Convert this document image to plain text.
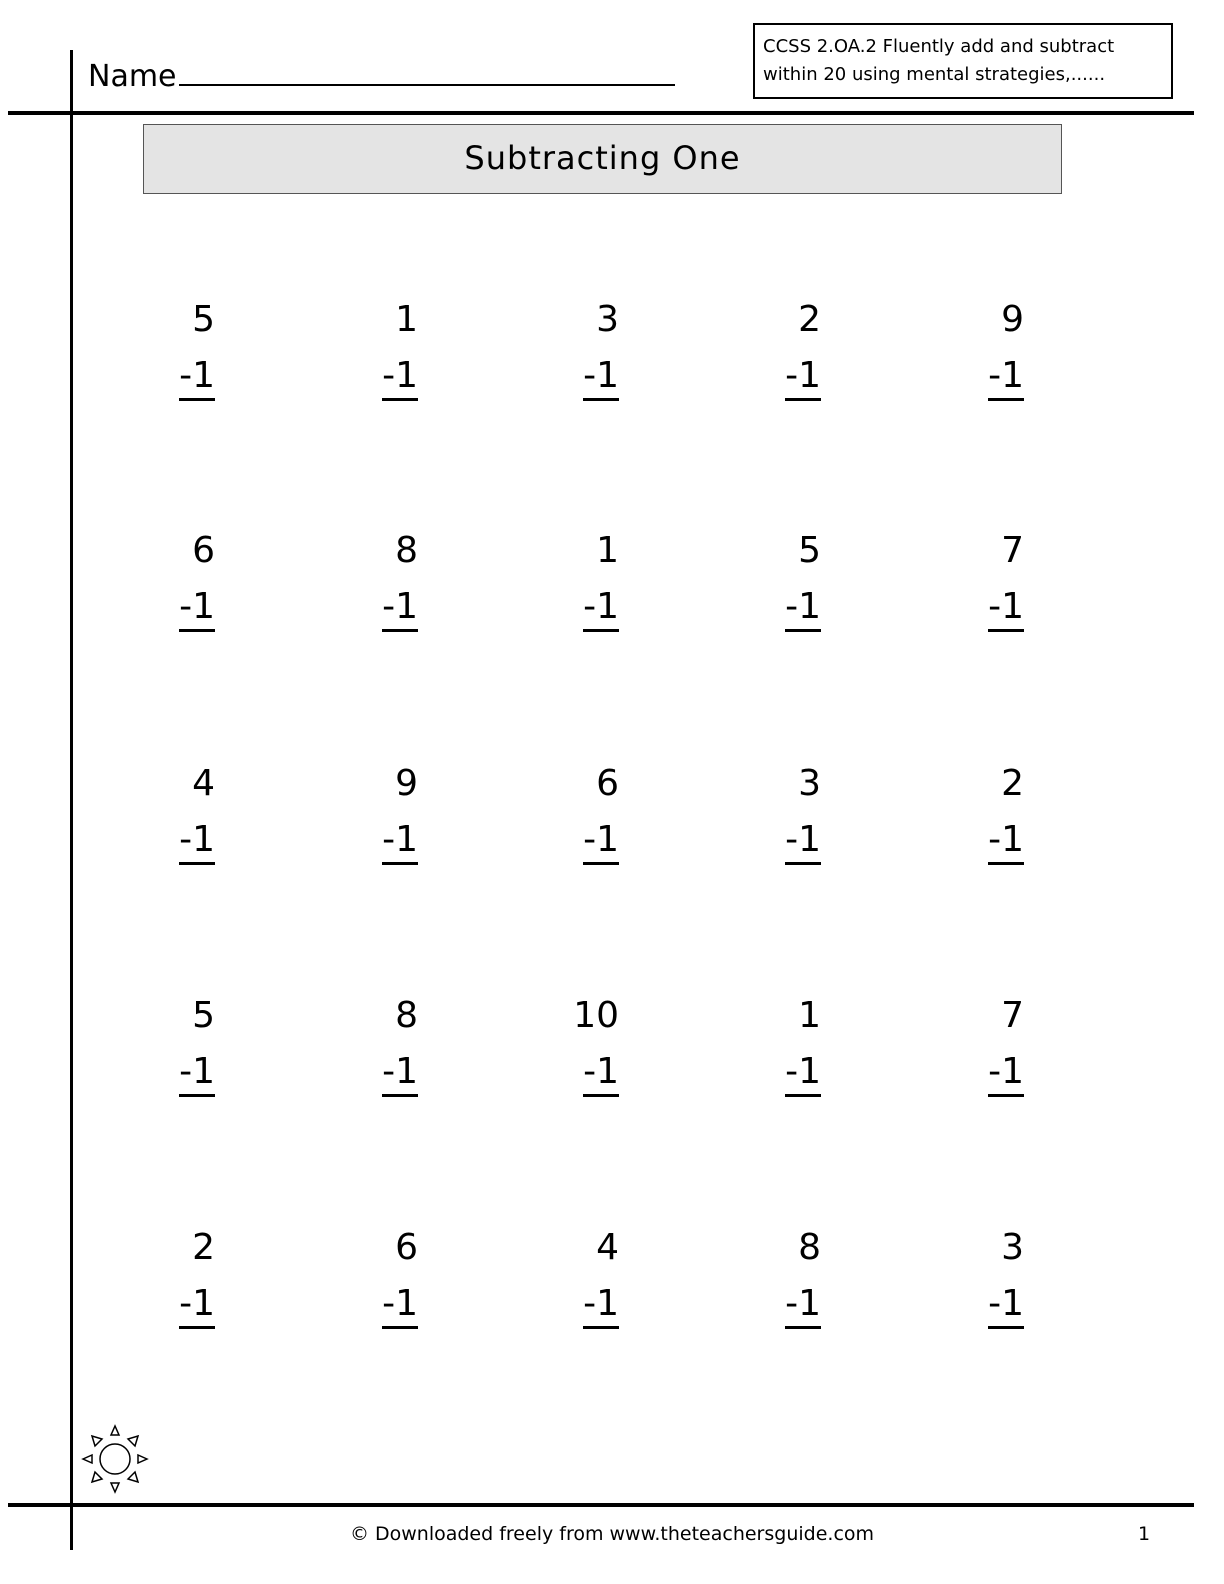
Name
CCSS 2.OA.2 Fluently add and subtract
within 20 using mental strategies,......
Subtracting One
5
-1
1
-1
3
-1
2
-1
9
-1
6
-1
8
-1
1
-1
5
-1
7
-1
4
-1
9
-1
6
-1
3
-1
2
-1
5
-1
8
-1
10
-1
1
-1
7
-1
2
-1
6
-1
4
-1
8
-1
3
-1
© Downloaded freely from www.theteachersguide.com	1
